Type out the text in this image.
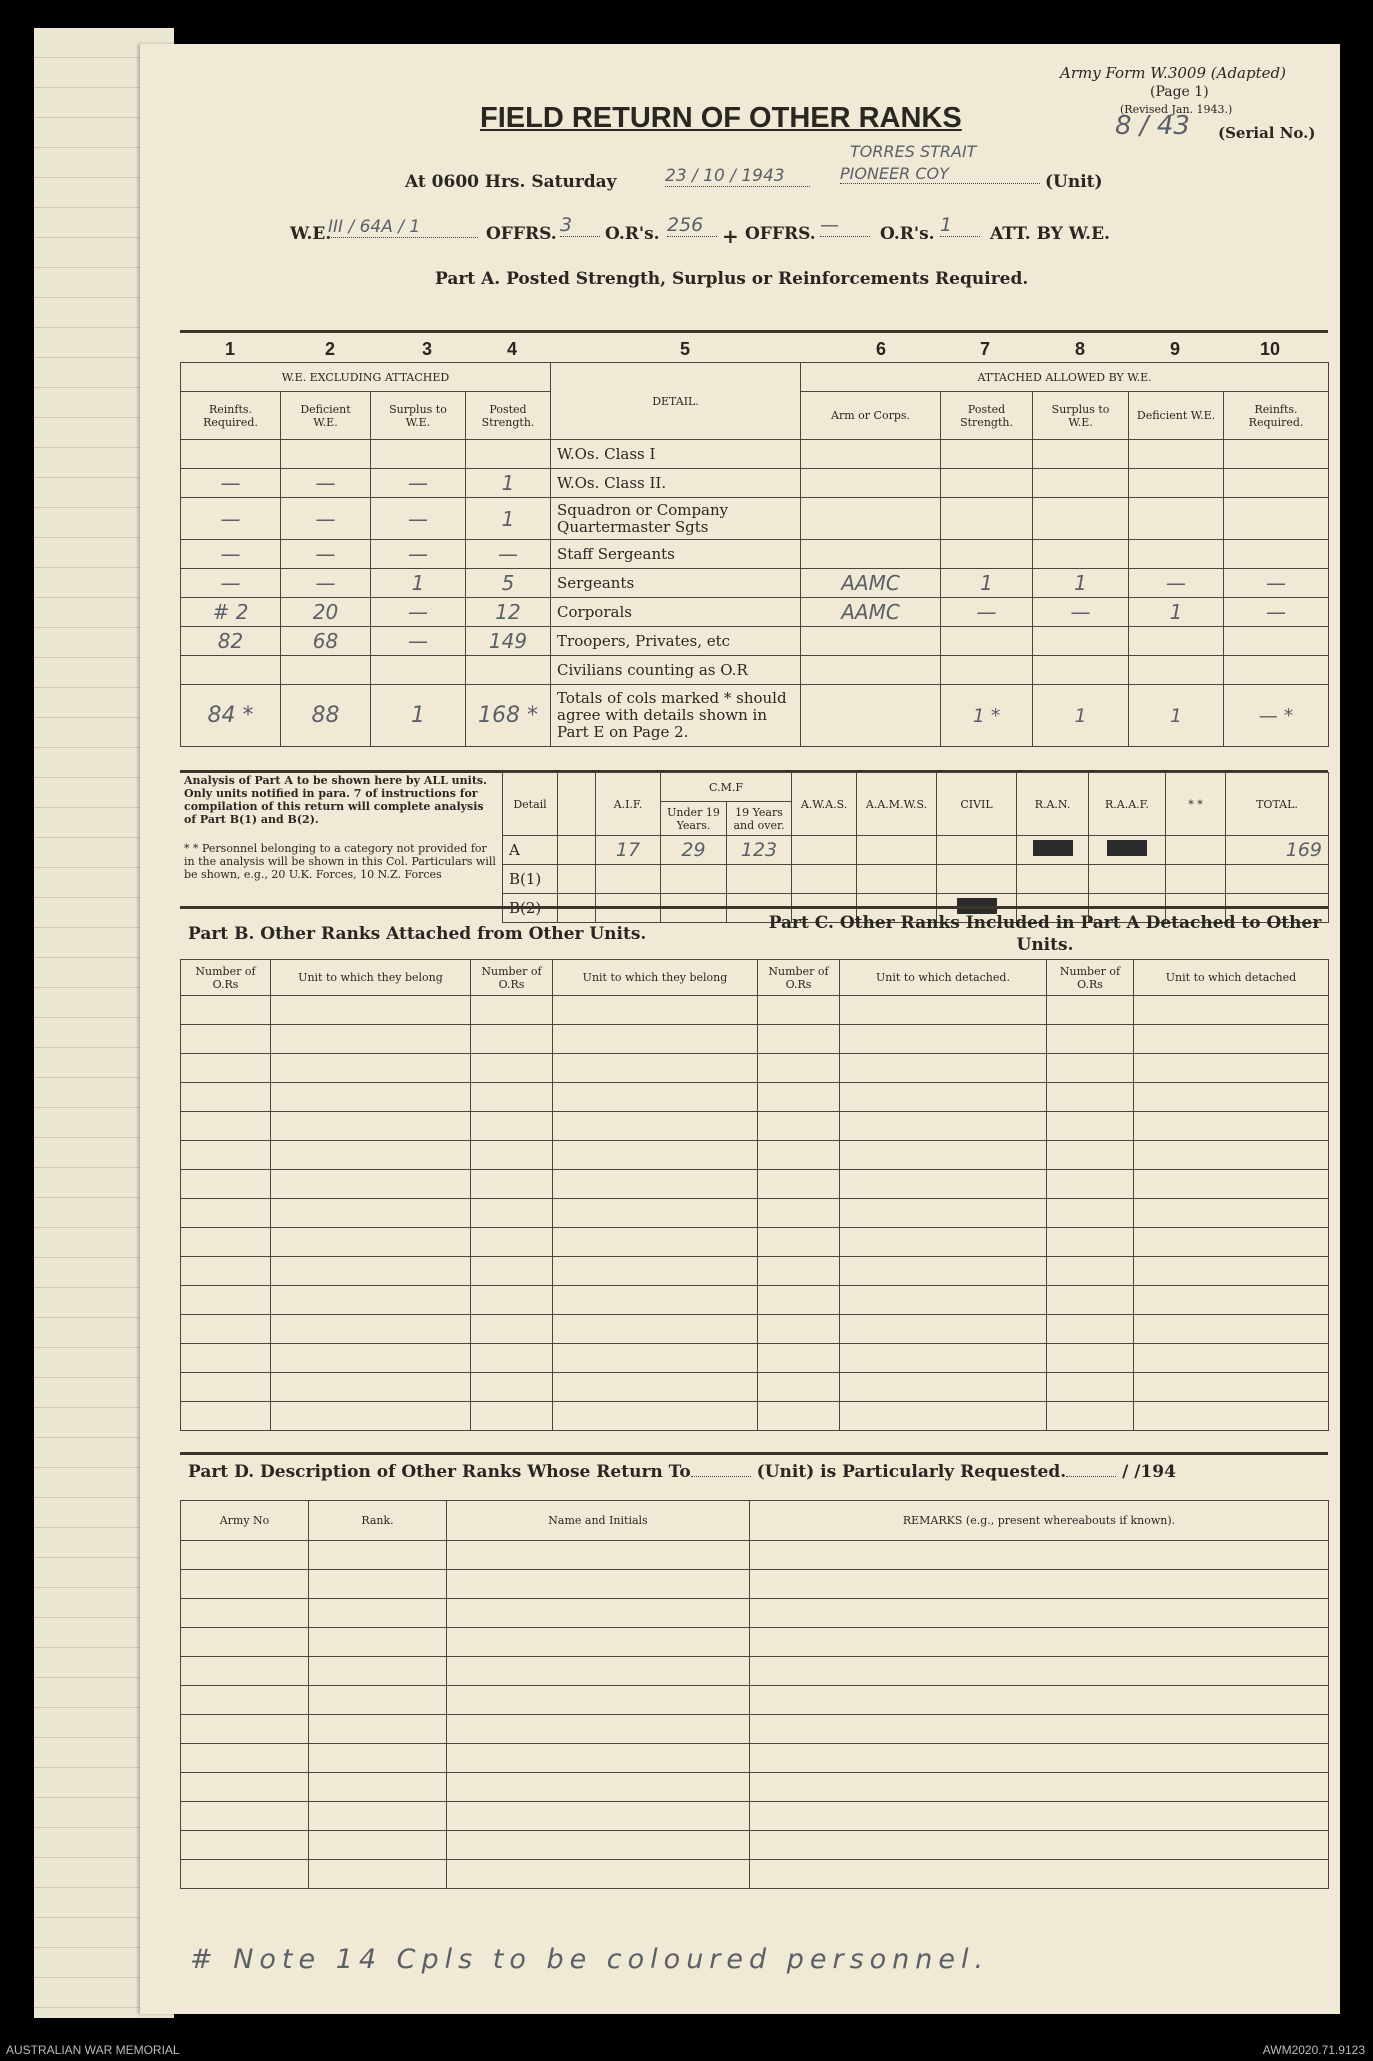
Army Form W.3009 (Adapted)
(Page 1)
(Revised Jan. 1943.)
8 / 43 (Serial No.)
FIELD RETURN OF OTHER RANKS
At 0600 Hrs. Saturday	23 / 10 / 1943
TORRES STRAIT
PIONEER COY	(Unit)
W.E.
III / 64A / 1	OFFRS. 3	O.R's. 256 + OFFRS. —	O.R's. 1	ATT. BY W.E.
Part A. Posted Strength, Surplus or Reinforcements Required.
1	2	3	4	5	6	7	8	9	10
W.E. EXCLUDING ATTACHED				DETAIL.	ATTACHED ALLOWED BY W.E.				
Reinfts. Required.	Deficient W.E.	Surplus to W.E.	Posted Strength.		Arm or Corps.	Posted Strength.	Surplus to W.E.	Deficient W.E.	Reinfts. Required.
				W.Os. Class I					
—	—	—	1	W.Os. Class II.					
—	—	—	1	Squadron or Company Quartermaster Sgts					
—	—	—	—	Staff Sergeants					
—	—	1	5	Sergeants	AAMC	1	1	—	—
# 2	20	—	12	Corporals	AAMC	—	—	1	—
82	68	—	149	Troopers, Privates, etc					
				Civilians counting as O.R					
84 *	88	1	168 *	Totals of cols marked * should agree with details shown in Part E on Page 2.		1 *	1	1	— *
Analysis of Part A to be shown here by ALL units. Only units notified in para. 7 of instructions for compilation of this return will complete analysis of Part B(1) and B(2).
* * Personnel belonging to a category not provided for in the analysis will be shown in this Col. Particulars will be shown, e.g., 20 U.K. Forces, 10 N.Z. Forces
Detail		A.I.F.	C.M.F		A.W.A.S.	A.A.M.W.S.	CIVIL	R.A.N.	R.A.A.F.	* *	TOTAL.
			Under 19 Years.	19 Years and over.							
A		17	29	123							169
B(1)											
B(2)											
Part B. Other Ranks Attached from Other Units.
Part C. Other Ranks Included in Part A Detached to Other Units.
Number of O.Rs	Unit to which they belong	Number of O.Rs	Unit to which they belong	Number of O.Rs	Unit to which detached.	Number of O.Rs	Unit to which detached

Part D. Description of Other Ranks Whose Return To	(Unit) is Particularly Requested.	/ /194
Army No	Rank.	Name and Initials	REMARKS (e.g., present whereabouts if known).

# Note 14 Cpls to be coloured personnel.
AUSTRALIAN WAR MEMORIAL	AWM2020.71.9123
